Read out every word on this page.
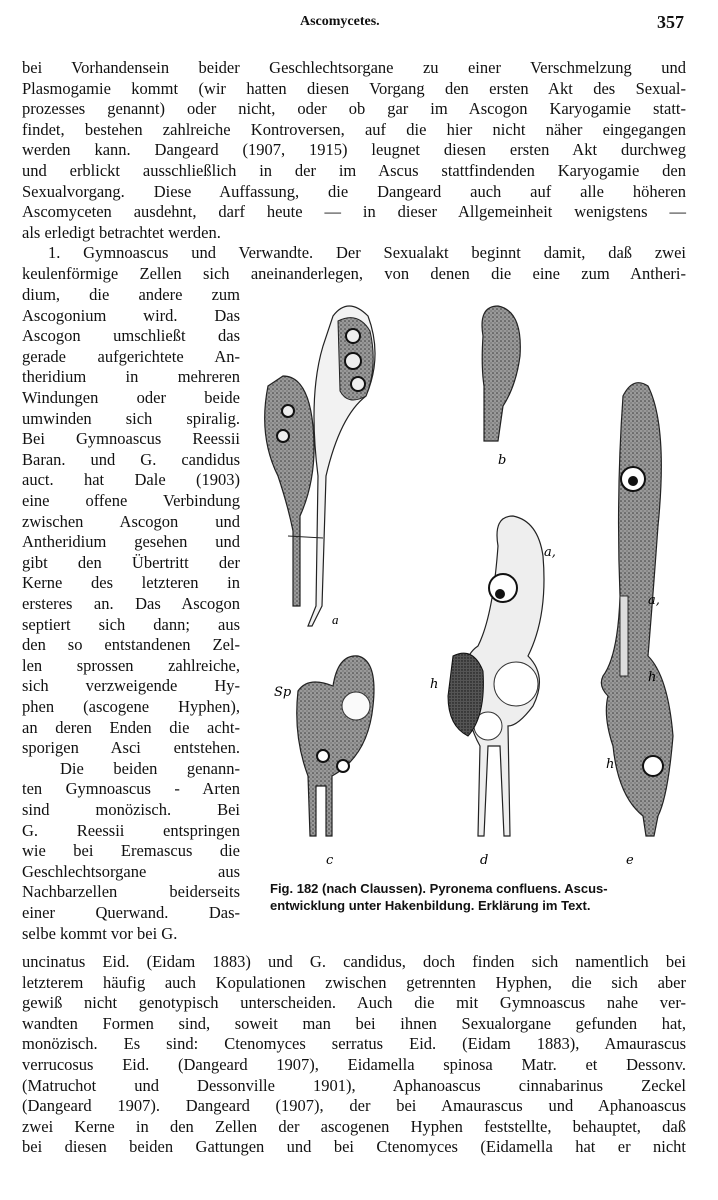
Ascomycetes.	357
bei Vorhandensein beider Geschlechtsorgane zu einer Verschmelzung und
Plasmogamie kommt (wir hatten diesen Vorgang den ersten Akt des Sexual-
prozesses genannt) oder nicht, oder ob gar im Ascogon Karyogamie statt-
findet, bestehen zahlreiche Kontroversen, auf die hier nicht näher eingegangen
werden kann. Dangeard (1907, 1915) leugnet diesen ersten Akt durchweg
und erblickt ausschließlich in der im Ascus stattfindenden Karyogamie den
Sexualvorgang. Diese Auffassung, die Dangeard auch auf alle höheren
Ascomyceten ausdehnt, darf heute — in dieser Allgemeinheit wenigstens —
als erledigt betrachtet werden.
1. Gymnoascus und Verwandte. Der Sexualakt beginnt damit, daß zwei
keulenförmige Zellen sich aneinanderlegen, von denen die eine zum Antheri-
dium, die andere zum
Ascogonium wird. Das
Ascogon umschließt das
gerade aufgerichtete An-
theridium in mehreren
Windungen oder beide
umwinden sich spiralig.
Bei Gymnoascus Reessii
Baran. und G. candidus
auct. hat Dale (1903)
eine offene Verbindung
zwischen Ascogon und
Antheridium gesehen und
gibt den Übertritt der
Kerne des letzteren in
ersteres an. Das Ascogon
septiert sich dann; aus
den so entstandenen Zel-
len sprossen zahlreiche,
sich verzweigende Hy-
phen (ascogene Hyphen),
an deren Enden die acht-
sporigen Asci entstehen.
Die beiden genann-
ten Gymnoascus - Arten
sind monözisch. Bei
G. Reessii entspringen
wie bei Eremascus die
Geschlechtsorgane aus
Nachbarzellen beiderseits
einer Querwand. Das-
selbe kommt vor bei G.
a
b
Sp
h
a,
a,
h
h
c	d	e
Fig. 182 (nach Claussen). Pyronema confluens. Ascus-
entwicklung unter Hakenbildung. Erklärung im Text.
uncinatus Eid. (Eidam 1883) und G. candidus, doch finden sich namentlich bei
letzterem häufig auch Kopulationen zwischen getrennten Hyphen, die sich aber
gewiß nicht genotypisch unterscheiden. Auch die mit Gymnoascus nahe ver-
wandten Formen sind, soweit man bei ihnen Sexualorgane gefunden hat,
monözisch. Es sind: Ctenomyces serratus Eid. (Eidam 1883), Amaurascus
verrucosus Eid. (Dangeard 1907), Eidamella spinosa Matr. et Dessonv.
(Matruchot und Dessonville 1901), Aphanoascus cinnabarinus Zeckel
(Dangeard 1907). Dangeard (1907), der bei Amaurascus und Aphanoascus
zwei Kerne in den Zellen der ascogenen Hyphen feststellte, behauptet, daß
bei diesen beiden Gattungen und bei Ctenomyces (Eidamella hat er nicht
